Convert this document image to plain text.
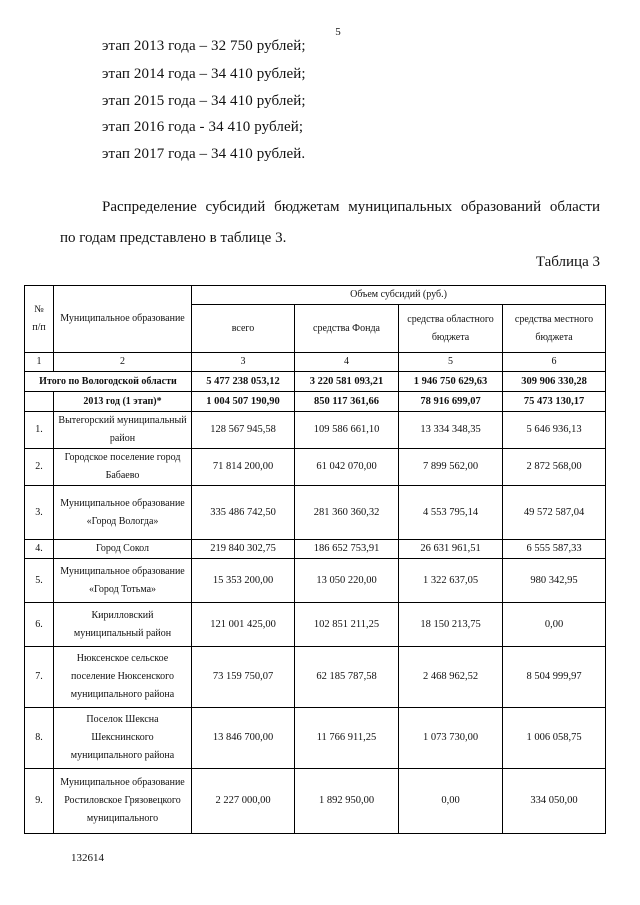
5
этап 2013 года – 32 750 рублей;
этап 2014 года – 34 410 рублей;
этап 2015 года – 34 410 рублей;
этап 2016 года - 34 410 рублей;
этап 2017 года – 34 410 рублей.
Распределение субсидий бюджетам муниципальных образований области
по годам представлено в таблице 3.
Таблица 3
№ п/п	Муниципальное образование	Объем субсидий (руб.)			
		всего	средства Фонда	средства областного бюджета	средства местного бюджета
1	2	3	4	5	6
Итого по Вологодской области		5 477 238 053,12	3 220 581 093,21	1 946 750 629,63	309 906 330,28
	2013 год (1 этап)*	1 004 507 190,90	850 117 361,66	78 916 699,07	75 473 130,17
1.	Вытегорский муниципальный район	128 567 945,58	109 586 661,10	13 334 348,35	5 646 936,13
2.	Городское поселение город Бабаево	71 814 200,00	61 042 070,00	7 899 562,00	2 872 568,00
3.	Муниципальное образование «Город Вологда»	335 486 742,50	281 360 360,32	4 553 795,14	49 572 587,04
4.	Город Сокол	219 840 302,75	186 652 753,91	26 631 961,51	6 555 587,33
5.	Муниципальное образование «Город Тотьма»	15 353 200,00	13 050 220,00	1 322 637,05	980 342,95
6.	Кирилловский муниципальный район	121 001 425,00	102 851 211,25	18 150 213,75	0,00
7.	Нюксенское сельское поселение Нюксенского муниципального района	73 159 750,07	62 185 787,58	2 468 962,52	8 504 999,97
8.	Поселок Шексна Шекснинского муниципального района	13 846 700,00	11 766 911,25	1 073 730,00	1 006 058,75
9.	Муниципальное образование Ростиловское Грязовецкого муниципального	2 227 000,00	1 892 950,00	0,00	334 050,00
132614
